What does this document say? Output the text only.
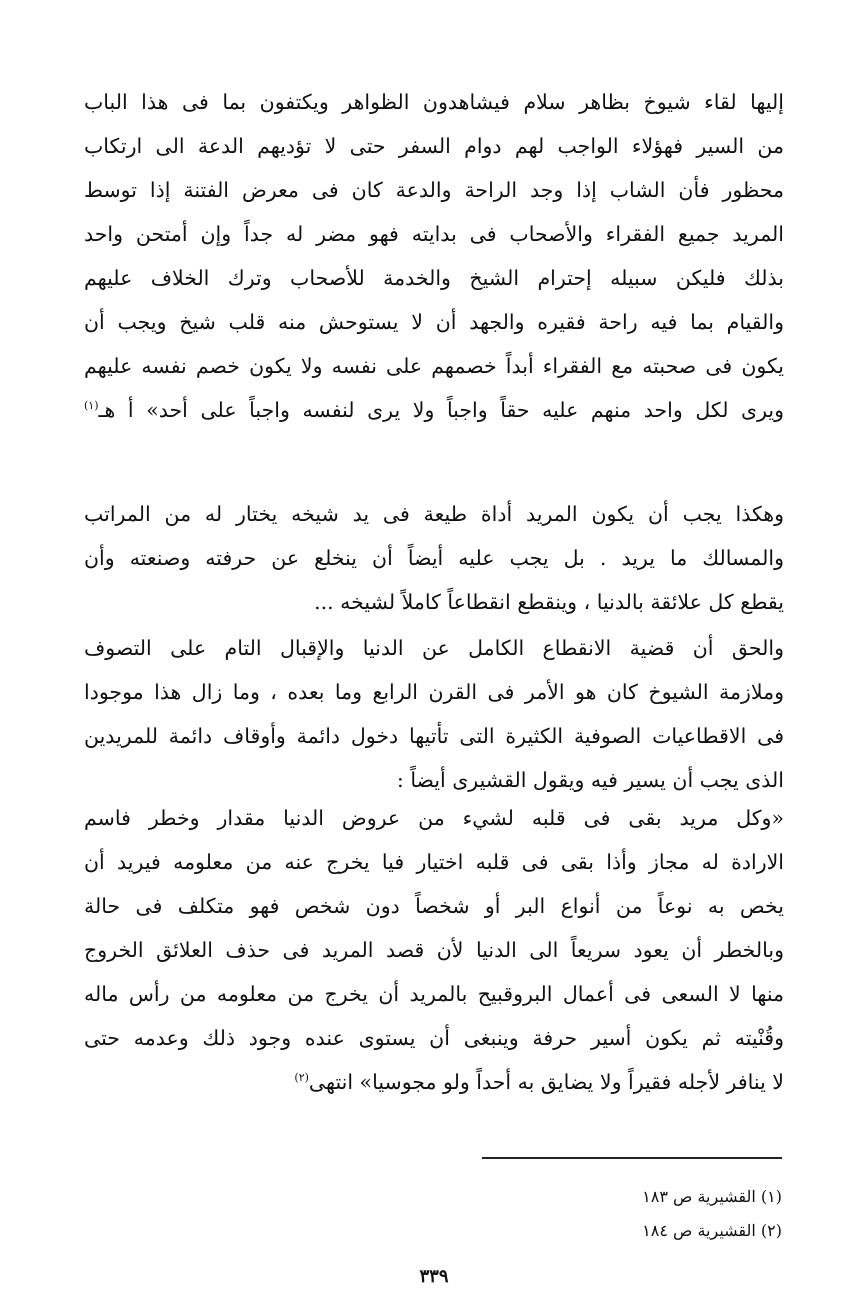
إليها لقاء شيوخ بظاهر سلام فيشاهدون الظواهر ويكتفون بما فى هذا الباب
من السير فهؤلاء الواجب لهم دوام السفر حتى لا تؤديهم الدعة الى ارتكاب
محظور فأن الشاب إذا وجد الراحة والدعة كان فى معرض الفتنة إذا توسط
المريد جميع الفقراء والأصحاب فى بدايته فهو مضر له جداً وإن أمتحن واحد
بذلك فليكن سبيله إحترام الشيخ والخدمة للأصحاب وترك الخلاف عليهم
والقيام بما فيه راحة فقيره والجهد أن لا يستوحش منه قلب شيخ ويجب أن
يكون فى صحبته مع الفقراء أبداً خصمهم على نفسه ولا يكون خصم نفسه عليهم
ويرى لكل واحد منهم عليه حقاً واجباً ولا يرى لنفسه واجباً على أحد» أ هـ$^{(١)}$
وهكذا يجب أن يكون المريد أداة طيعة فى يد شيخه يختار له من المراتب
والمسالك ما يريد . بل يجب عليه أيضاً أن ينخلع عن حرفته وصنعته وأن
يقطع كل علائقة بالدنيا ، وينقطع انقطاعاً كاملاً لشيخه ...
والحق أن قضية الانقطاع الكامل عن الدنيا والإقبال التام على التصوف
وملازمة الشيوخ كان هو الأمر فى القرن الرابع وما بعده ، وما زال هذا موجودا
فى الاقطاعيات الصوفية الكثيرة التى تأتيها دخول دائمة وأوقاف دائمة للمريدين
الذى يجب أن يسير فيه ويقول القشيرى أيضاً :
«وكل مريد بقى فى قلبه لشيء من عروض الدنيا مقدار وخطر فاسم
الارادة له مجاز وأذا بقى فى قلبه اختيار فيا يخرج عنه من معلومه فيريد أن
يخص به نوعاً من أنواع البر أو شخصاً دون شخص فهو متكلف فى حالة
وبالخطر أن يعود سريعاً الى الدنيا لأن قصد المريد فى حذف العلائق الخروج
منها لا السعى فى أعمال البروقبيح بالمريد أن يخرج من معلومه من رأس ماله
وقُنْيته ثم يكون أسير حرفة وينبغى أن يستوى عنده وجود ذلك وعدمه حتى
لا ينافر لأجله فقيراً ولا يضايق به أحداً ولو مجوسيا» انتهى$^{(٢)}$
(١) القشيرية ص ١٨٣
(٢) القشيرية ص ١٨٤
٣٣٩
